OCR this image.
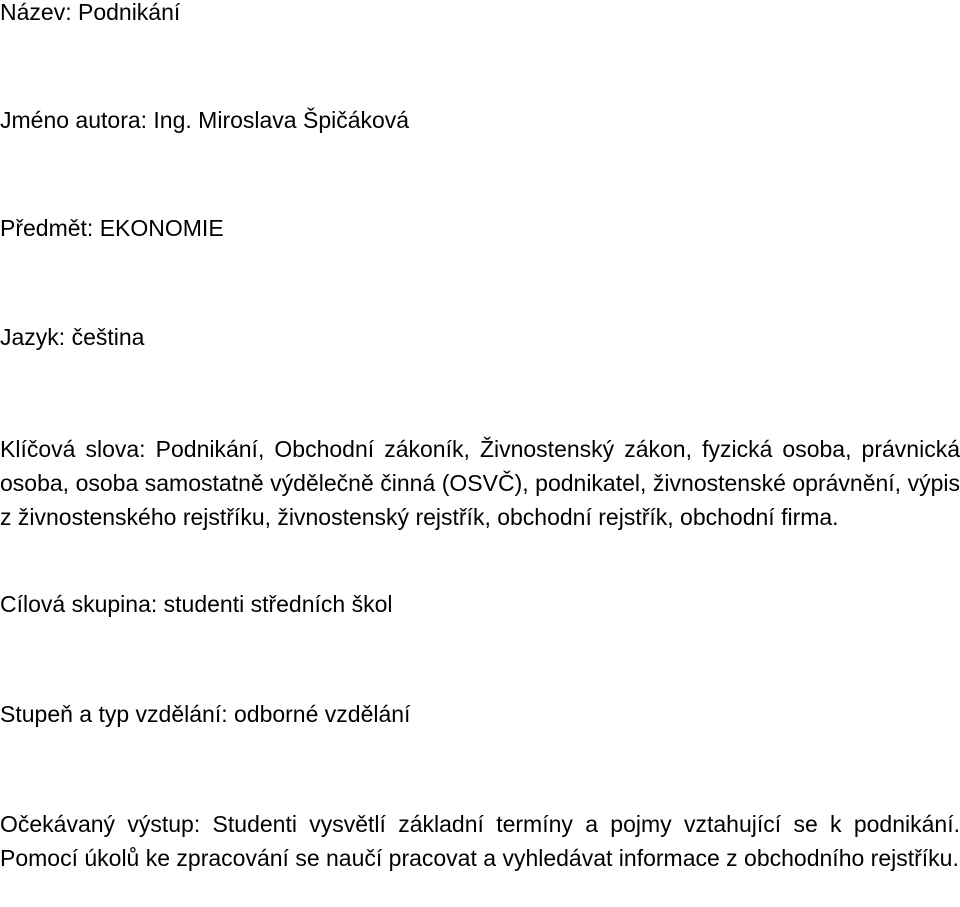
Název: Podnikání
Jméno autora: Ing. Miroslava Špičáková
Předmět: EKONOMIE
Jazyk: čeština
Klíčová slova: Podnikání, Obchodní zákoník, Živnostenský zákon, fyzická osoba, právnická osoba, osoba samostatně výdělečně činná (OSVČ), podnikatel, živnostenské oprávnění, výpis z živnostenského rejstříku, živnostenský rejstřík, obchodní rejstřík, obchodní firma.
Cílová skupina: studenti středních škol
Stupeň a typ vzdělání: odborné vzdělání
Očekávaný výstup: Studenti vysvětlí základní termíny a pojmy vztahující se k podnikání. Pomocí úkolů ke zpracování se naučí pracovat a vyhledávat informace z obchodního rejstříku.
